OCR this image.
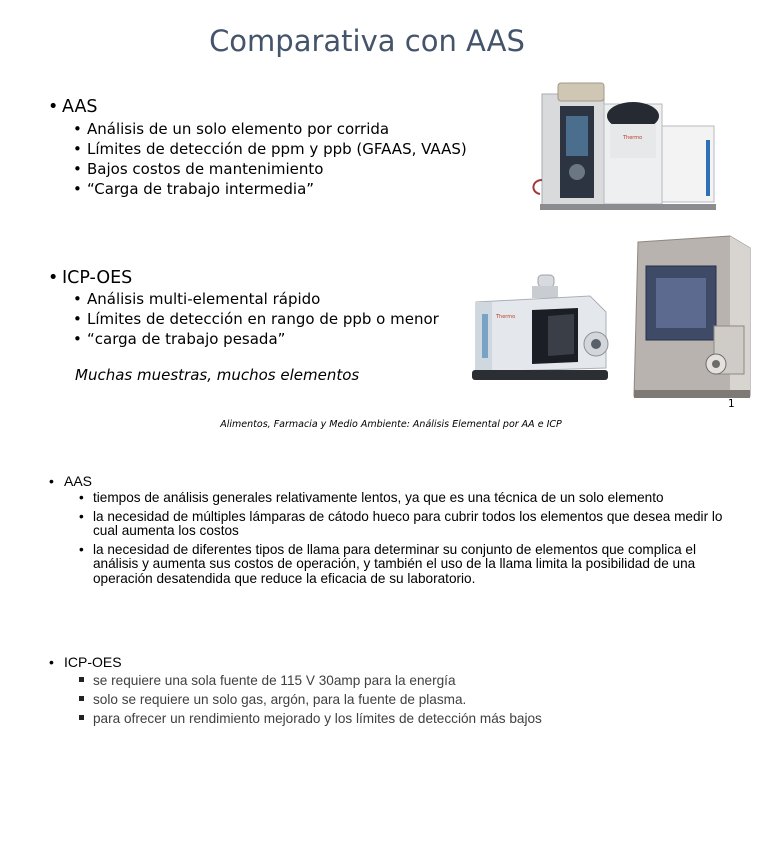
Comparativa con AAS
• AAS
• Análisis de un solo elemento por corrida
• Límites de detección de ppm y ppb (GFAAS, VAAS)
• Bajos costos de mantenimiento
• “Carga de trabajo intermedia”
Thermo
• ICP-OES
• Análisis multi-elemental rápido
• Límites de detección en rango de ppb o menor
• “carga de trabajo pesada”
Muchas muestras, muchos elementos
Thermo
1
Alimentos, Farmacia y Medio Ambiente: Análisis Elemental por AA e ICP
• AAS
• tiempos de análisis generales relativamente lentos, ya que es una técnica de un solo elemento
• la necesidad de múltiples lámparas de cátodo hueco para cubrir todos los elementos que desea medir lo cual aumenta los costos
• la necesidad de diferentes tipos de llama para determinar su conjunto de elementos que complica el análisis y aumenta sus costos de operación, y también el uso de la llama limita la posibilidad de una operación desatendida que reduce la eficacia de su laboratorio.
• ICP-OES
se requiere una sola fuente de 115 V 30amp para la energía
solo se requiere un solo gas, argón, para la fuente de plasma.
para ofrecer un rendimiento mejorado y los límites de detección más bajos
